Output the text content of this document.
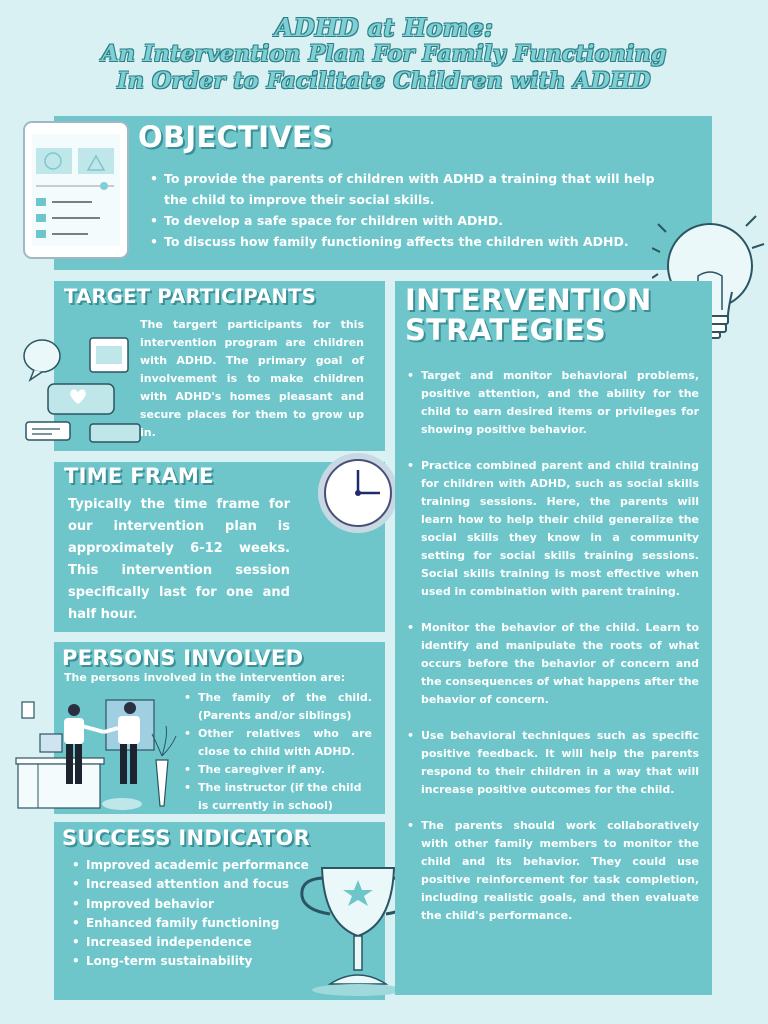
ADHD at Home:
An Intervention Plan For Family Functioning
In Order to Facilitate Children with ADHD
OBJECTIVES
• To provide the parents of children with ADHD a training that will help the child to improve their social skills.
• To develop a safe space for children with ADHD.
• To discuss how family functioning affects the children with ADHD.
TARGET PARTICIPANTS
The targert participants for this intervention program are children with ADHD. The primary goal of involvement is to make children with ADHD's homes pleasant and secure places for them to grow up in.
TIME FRAME
Typically the time frame for our intervention plan is approximately 6-12 weeks. This intervention session specifically last for one and half hour.
PERSONS INVOLVED
The persons involved in the intervention are:
• The family of the child. (Parents and/or siblings)
• Other relatives who are close to child with ADHD.
• The caregiver if any.
• The instructor (if the child is currently in school)
SUCCESS INDICATOR
• Improved academic performance
• Increased attention and focus
• Improved behavior
• Enhanced family functioning
• Increased independence
• Long-term sustainability
INTERVENTION
STRATEGIES
• Target and monitor behavioral problems, positive attention, and the ability for the child to earn desired items or privileges for showing positive behavior.
• Practice combined parent and child training for children with ADHD, such as social skills training sessions. Here, the parents will learn how to help their child generalize the social skills they know in a community setting for social skills training sessions. Social skills training is most effective when used in combination with parent training.
• Monitor the behavior of the child. Learn to identify and manipulate the roots of what occurs before the behavior of concern and the consequences of what happens after the behavior of concern.
• Use behavioral techniques such as specific positive feedback. It will help the parents respond to their children in a way that will increase positive outcomes for the child.
• The parents should work collaboratively with other family members to monitor the child and its behavior. They could use positive reinforcement for task completion, including realistic goals, and then evaluate the child's performance.
